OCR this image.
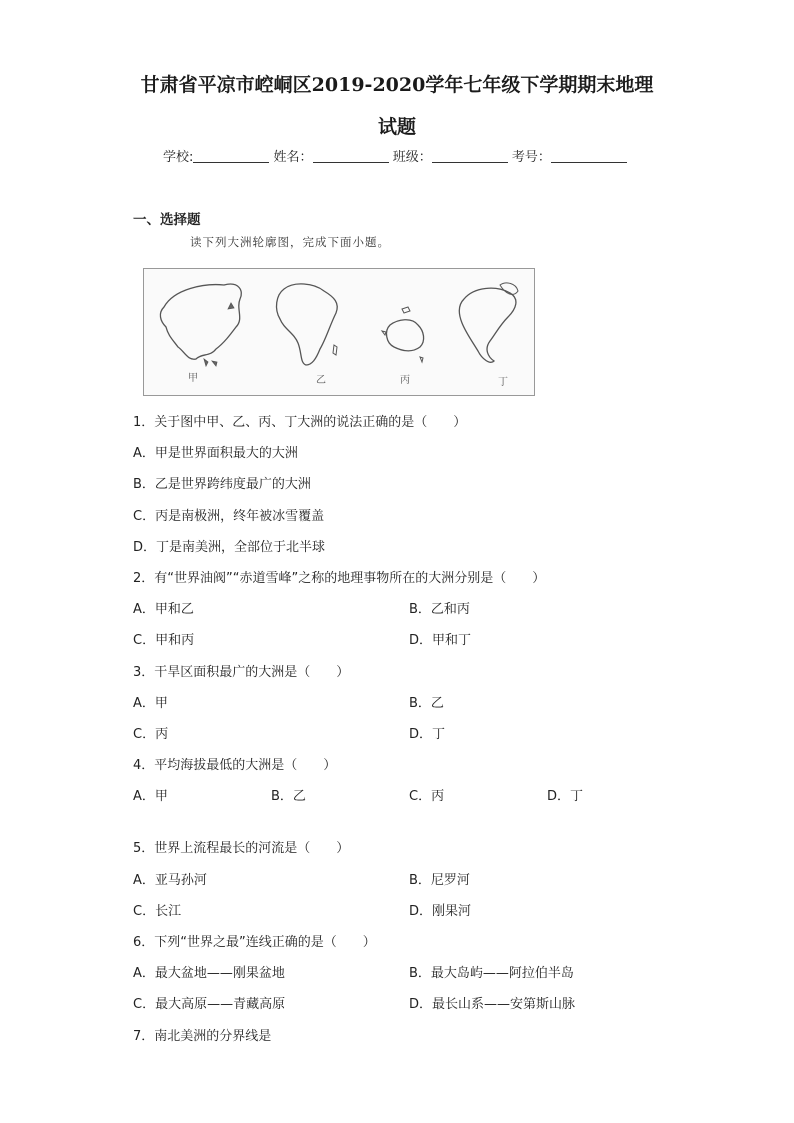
甘肃省平凉市崆峒区2019-2020学年七年级下学期期末地理
试题
学校:	姓名：	班级：	考号：
一、选择题
读下列大洲轮廓图，完成下面小题。
甲	乙	丙	丁
1．关于图中甲、乙、丙、丁大洲的说法正确的是（　　）
A．甲是世界面积最大的大洲
B．乙是世界跨纬度最广的大洲
C．丙是南极洲，终年被冰雪覆盖
D．丁是南美洲，全部位于北半球
2．有“世界油阀”“赤道雪峰”之称的地理事物所在的大洲分别是（　　）
A．甲和乙	B．乙和丙
C．甲和丙	D．甲和丁
3．干旱区面积最广的大洲是（　　）
A．甲	B．乙
C．丙	D．丁
4．平均海拔最低的大洲是（　　）
A．甲	B．乙	C．丙	D．丁
5．世界上流程最长的河流是（　　）
A．亚马孙河	B．尼罗河
C．长江	D．刚果河
6．下列“世界之最”连线正确的是（　　）
A．最大盆地——刚果盆地	B．最大岛屿——阿拉伯半岛
C．最大高原——青藏高原	D．最长山系——安第斯山脉
7．南北美洲的分界线是
